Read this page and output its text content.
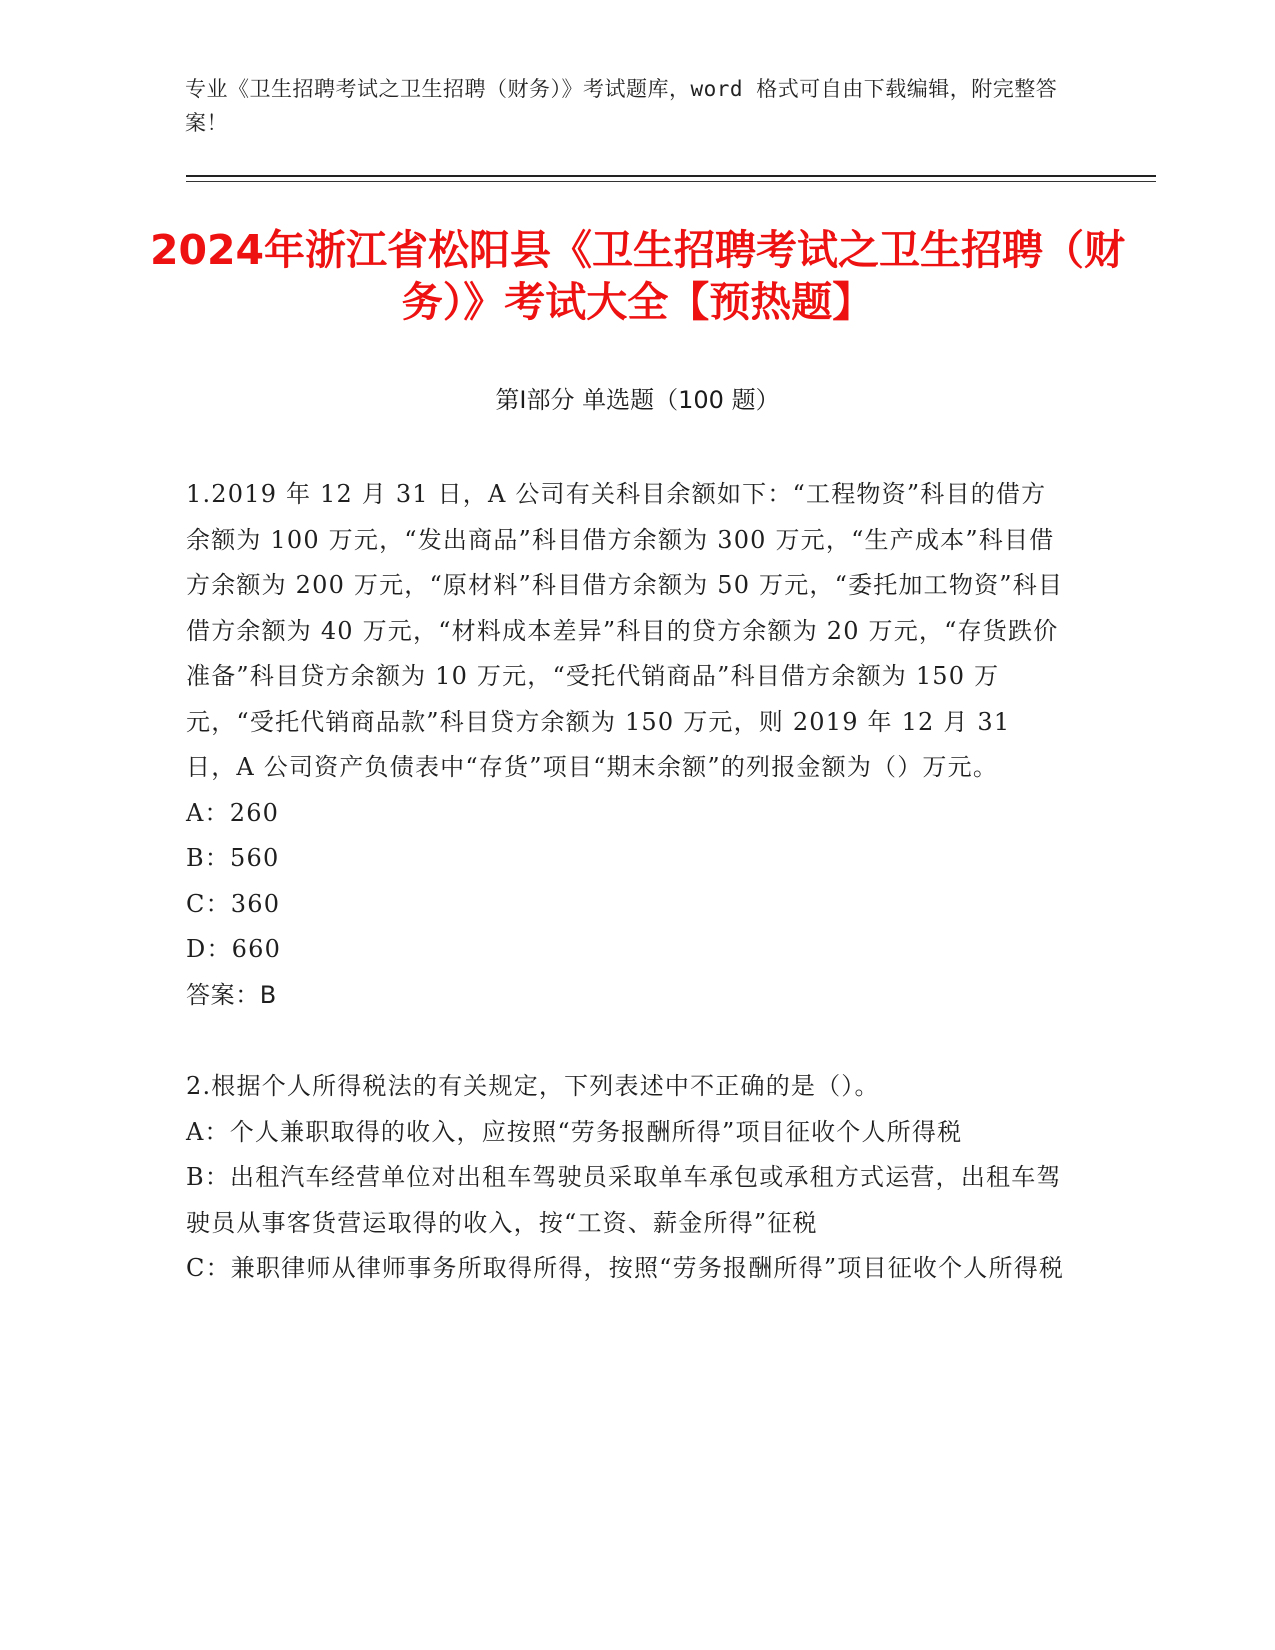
专业《卫生招聘考试之卫生招聘（财务）》考试题库，word 格式可自由下载编辑，附完整答案！
2024年浙江省松阳县《卫生招聘考试之卫生招聘（财务）》考试大全【预热题】
第Ⅰ部分 单选题（100 题）

1.2019 年 12 月 31 日，A 公司有关科目余额如下：“工程物资”科目的借方余额为 100 万元，“发出商品”科目借方余额为 300 万元，“生产成本”科目借方余额为 200 万元，“原材料”科目借方余额为 50 万元，“委托加工物资”科目借方余额为 40 万元，“材料成本差异”科目的贷方余额为 20 万元，“存货跌价准备”科目贷方余额为 10 万元，“受托代销商品”科目借方余额为 150 万元，“受托代销商品款”科目贷方余额为 150 万元，则 2019 年 12 月 31 日，A 公司资产负债表中“存货”项目“期末余额”的列报金额为（）万元。

A：260

B：560

C：360

D：660

答案：B

2.根据个人所得税法的有关规定，下列表述中不正确的是（）。

A：个人兼职取得的收入，应按照“劳务报酬所得”项目征收个人所得税

B：出租汽车经营单位对出租车驾驶员采取单车承包或承租方式运营，出租车驾驶员从事客货营运取得的收入，按“工资、薪金所得”征税

C：兼职律师从律师事务所取得所得，按照“劳务报酬所得”项目征收个人所得税
